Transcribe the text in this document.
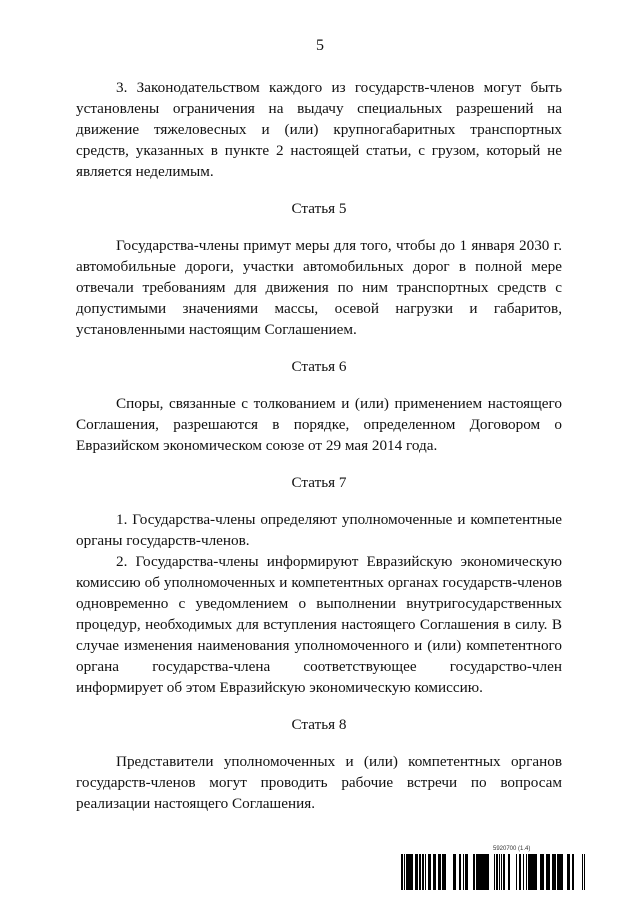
5

3. Законодательством каждого из государств-членов могут быть установлены ограничения на выдачу специальных разрешений на движение тяжеловесных и (или) крупногабаритных транспортных средств, указанных в пункте 2 настоящей статьи, с грузом, который не является неделимым.

Статья 5

Государства-члены примут меры для того, чтобы до 1 января 2030 г. автомобильные дороги, участки автомобильных дорог в полной мере отвечали требованиям для движения по ним транспортных средств с допустимыми значениями массы, осевой нагрузки и габаритов, установленными настоящим Соглашением.

Статья 6

Споры, связанные с толкованием и (или) применением настоящего Соглашения, разрешаются в порядке, определенном Договором о Евразийском экономическом союзе от 29 мая 2014 года.

Статья 7

1. Государства-члены определяют уполномоченные и компетентные органы государств-членов.

2. Государства-члены информируют Евразийскую экономическую комиссию об уполномоченных и компетентных органах государств-членов одновременно с уведомлением о выполнении внутригосударственных процедур, необходимых для вступления настоящего Соглашения в силу. В случае изменения наименования уполномоченного и (или) компетентного органа государства-члена соответствующее государство-член информирует об этом Евразийскую экономическую комиссию.

Статья 8

Представители уполномоченных и (или) компетентных органов государств-членов могут проводить рабочие встречи по вопросам реализации настоящего Соглашения.

5920700 (1.4)
